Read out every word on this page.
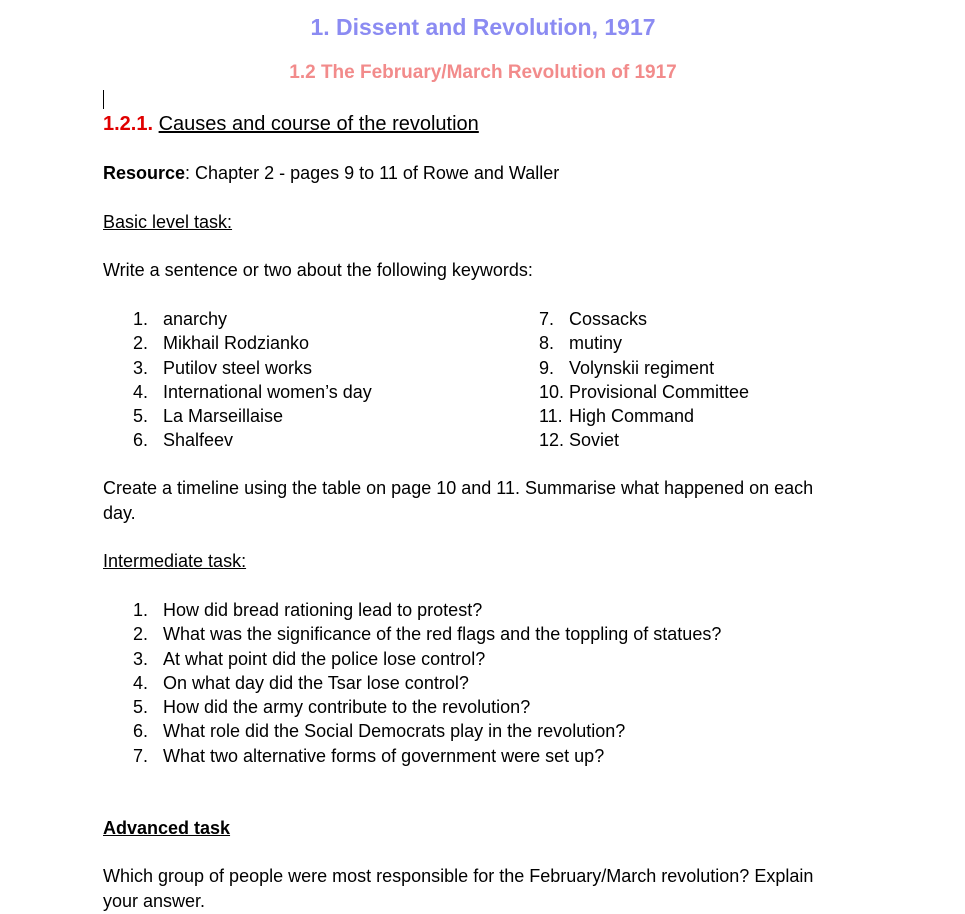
1. Dissent and Revolution, 1917
1.2 The February/March Revolution of 1917
1.2.1. Causes and course of the revolution
Resource: Chapter 2 - pages 9 to 11 of Rowe and Waller
Basic level task:
Write a sentence or two about the following keywords:
1. anarchy
2. Mikhail Rodzianko
3. Putilov steel works
4. International women’s day
5. La Marseillaise
6. Shalfeev
7. Cossacks
8. mutiny
9. Volynskii regiment
10. Provisional Committee
11. High Command
12. Soviet
Create a timeline using the table on page 10 and 11. Summarise what happened on each
day.
Intermediate task:
1. How did bread rationing lead to protest?
2. What was the significance of the red flags and the toppling of statues?
3. At what point did the police lose control?
4. On what day did the Tsar lose control?
5. How did the army contribute to the revolution?
6. What role did the Social Democrats play in the revolution?
7. What two alternative forms of government were set up?
Advanced task
Which group of people were most responsible for the February/March revolution? Explain
your answer.
